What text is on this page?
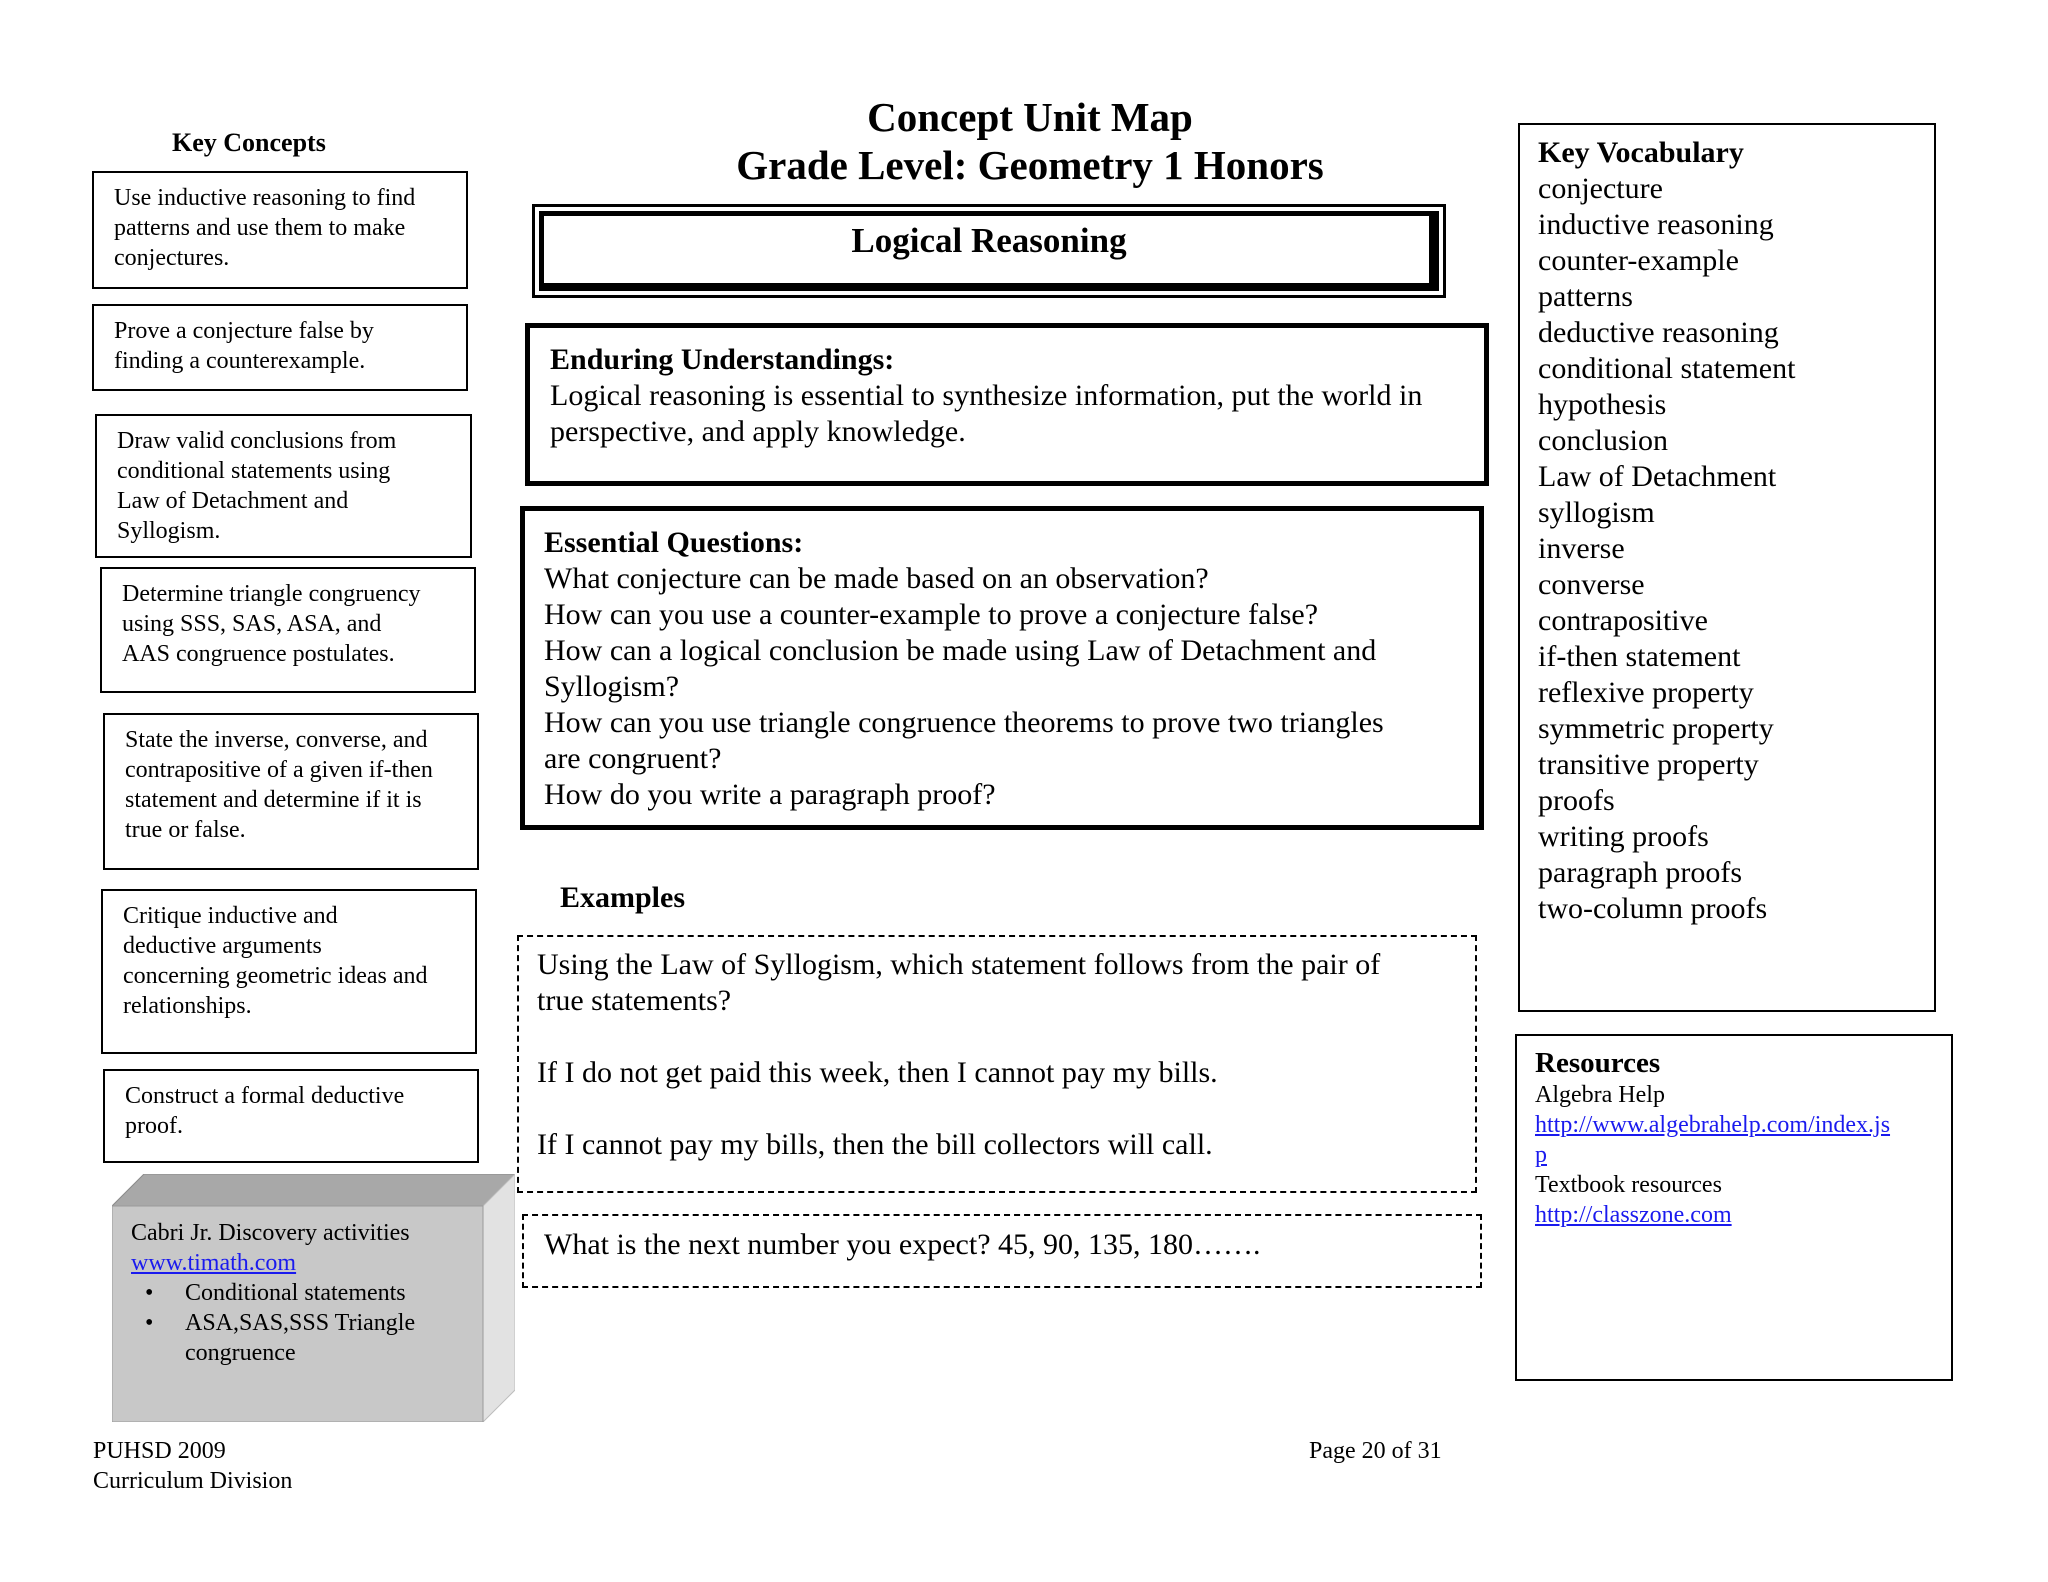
Concept Unit Map
Grade Level: Geometry 1 Honors
Logical Reasoning
Key Concepts
Use inductive reasoning to find
patterns and use them to make
conjectures.
Prove a conjecture false by
finding a counterexample.
Draw valid conclusions from
conditional statements using
Law of Detachment and
Syllogism.
Determine triangle congruency
using SSS, SAS, ASA, and
AAS congruence postulates.
State the inverse, converse, and
contrapositive of a given if-then
statement and determine if it is
true or false.
Critique inductive and
deductive arguments
concerning geometric ideas and
relationships.
Construct a formal deductive
proof.
Enduring Understandings:
Logical reasoning is essential to synthesize information, put the world in
perspective, and apply knowledge.
Essential Questions:
What conjecture can be made based on an observation?
How can you use a counter-example to prove a conjecture false?
How can a logical conclusion be made using Law of Detachment and
Syllogism?
How can you use triangle congruence theorems to prove two triangles
are congruent?
How do you write a paragraph proof?
Examples
Using the Law of Syllogism, which statement follows from the pair of
true statements?
If I do not get paid this week, then I cannot pay my bills.
If I cannot pay my bills, then the bill collectors will call.
What is the next number you expect? 45, 90, 135, 180…….
Cabri Jr. Discovery activities
www.timath.com
•	Conditional statements
•	ASA,SAS,SSS Triangle
congruence
Key Vocabulary
conjecture
inductive reasoning
counter-example
patterns
deductive reasoning
conditional statement
hypothesis
conclusion
Law of Detachment
syllogism
inverse
converse
contrapositive
if-then statement
reflexive property
symmetric property
transitive property
proofs
writing proofs
paragraph proofs
two-column proofs
Resources
Algebra Help
http://www.algebrahelp.com/index.js
p
Textbook resources
http://classzone.com
PUHSD 2009
Curriculum Division
Page 20 of 31
